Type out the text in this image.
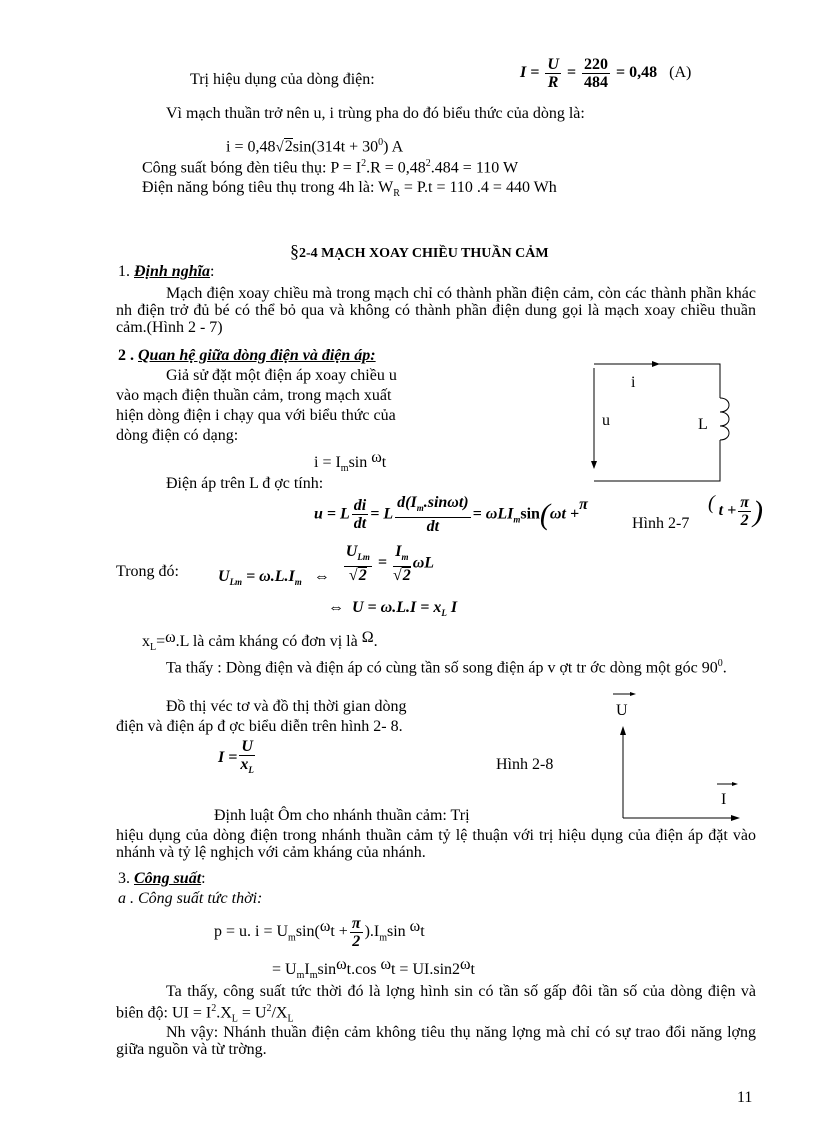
Trị hiệu dụng của dòng điện:	$I = \frac{U}{R} = \frac{220}{484} = 0,48$ (A)
Vì mạch thuần trở nên u, i trùng pha do đó biểu thức của dòng là:
$i = 0,48√2\sin(314t + 30^0)$ A
Công suất bóng đèn tiêu thụ: $P = I^2.R = 0,48^2.484 = 110$ W
Điện năng bóng tiêu thụ trong 4h là: $W_R = P.t = 110$ .4 = 440 Wh
§2-4 MẠCH XOAY CHIỀU THUẦN CẢM
1. Định nghĩa:
Mạch điện xoay chiều mà trong mạch chỉ có thành phần điện cảm, còn các thành phần khác nh điện trở đủ bé có thể bỏ qua và không có thành phần điện dung gọi là mạch xoay chiều thuần cảm.(Hình 2 - 7)
2 . Quan hệ giữa dòng điện và điện áp:
Giả sử đặt một điện áp xoay chiều u
vào mạch điện thuần cảm, trong mạch xuất
hiện dòng điện i chạy qua với biểu thức của
dòng điện có dạng:
$i = I_m\sin$ ωt
Điện áp trên L đ ợc tính:
u = L $\frac{di}{dt} = L \frac{d(I_m.\sin\omega t)}{dt} = \omega LI_m\sin(\omega t +\pi$
Hình 2-7
( $t + \frac{\pi}{2}$ )
Trong đó: $U_{Lm} = \omega.L.I_m$ ⇔ $\frac{U_{Lm}}{√2} = \frac{I_m}{√2}$ ωL
⇔ $U = \omega.L.I = x_L$ I
$x_L=\omega.L$ là cảm kháng có đơn vị là Ω.
Ta thấy : Dòng điện và điện áp có cùng tần số song điện áp v ợt tr ớc dòng một góc $90^0$.
Đồ thị véc tơ và đồ thị thời gian dòng
điện và điện áp đ ợc biểu diễn trên hình 2- 8.
$I = \frac{U}{x_L}$	Hình 2-8
Định luật Ôm cho nhánh thuần cảm: Trị
hiệu dụng của dòng điện trong nhánh thuần cảm tỷ lệ thuận với trị hiệu dụng của điện áp đặt vào nhánh và tỷ lệ nghịch với cảm kháng của nhánh.
3. Công suất:
a . Công suất tức thời:
p = u. $i = U_m\sin(\omega t + \frac{\pi}{2} ).I_m\sin$ ωt
= $U_mI_m\sin\omega t.\cos$ ωt = UI.sin2ωt
Ta thấy, công suất tức thời đó là lợng hình sin có tần số gấp đôi tần số của dòng điện và biên độ: UI = $I^2.X_L = U^2/X_L$
Nh vậy: Nhánh thuần điện cảm không tiêu thụ năng lợng mà chỉ có sự trao đổi năng lợng giữa nguồn và từ trờng.
11
i
u	L
U
I
